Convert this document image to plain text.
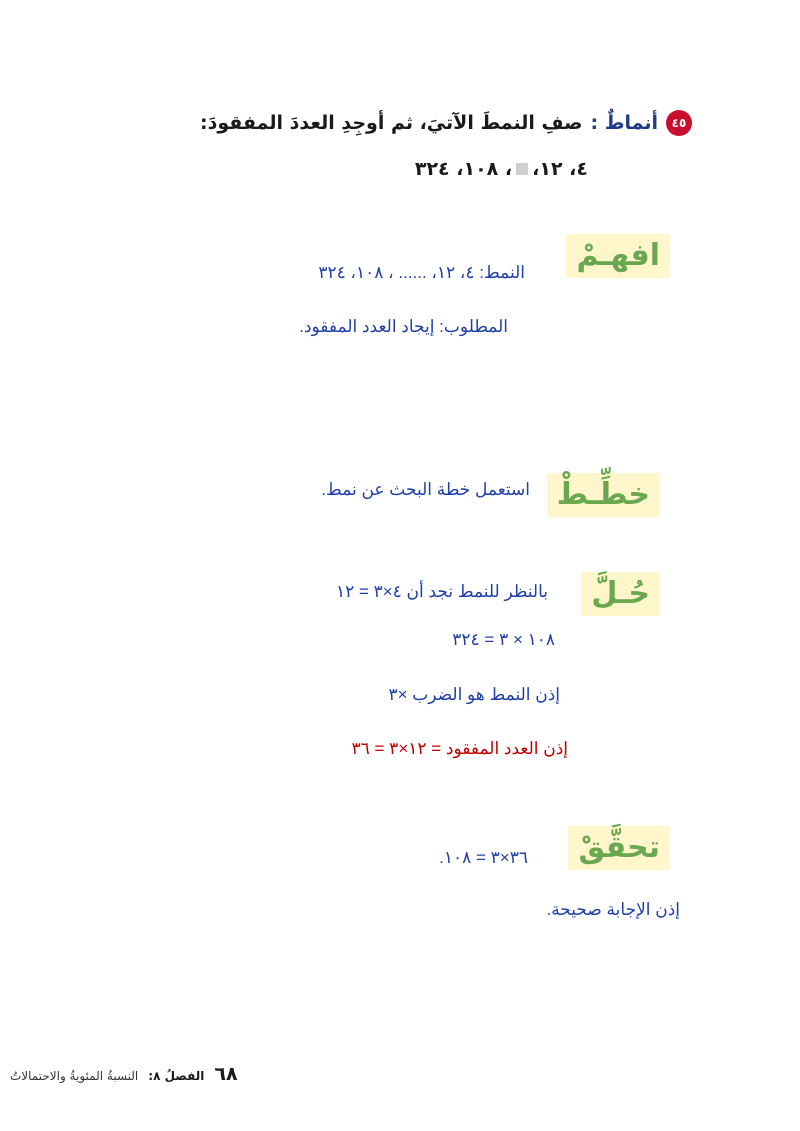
٤٥
أنماطٌ :
صفِ النمطَ الآتيَ، ثم أوجِدِ العددَ المفقودَ:
٤، ١٢،
، ١٠٨، ٣٢٤
افهـمْ
النمط: ٤، ١٢، ...... ، ١٠٨، ٣٢٤
المطلوب: إيجاد العدد المفقود.
خطِّـطْ
استعمل خطة البحث عن نمط.
حُـلَّ
بالنظر للنمط نجد أن ٤×٣ = ١٢
١٠٨ × ٣ = ٣٢٤
إذن النمط هو الضرب ×٣
إذن العدد المفقود = ١٢×٣ = ٣٦
تحقَّقْ
٣٦×٣ = ١٠٨.
إذن الإجابة صحيحة.
٦٨
الفصلُ ٨:
النسبةُ المئويةُ والاحتمالاتُ
